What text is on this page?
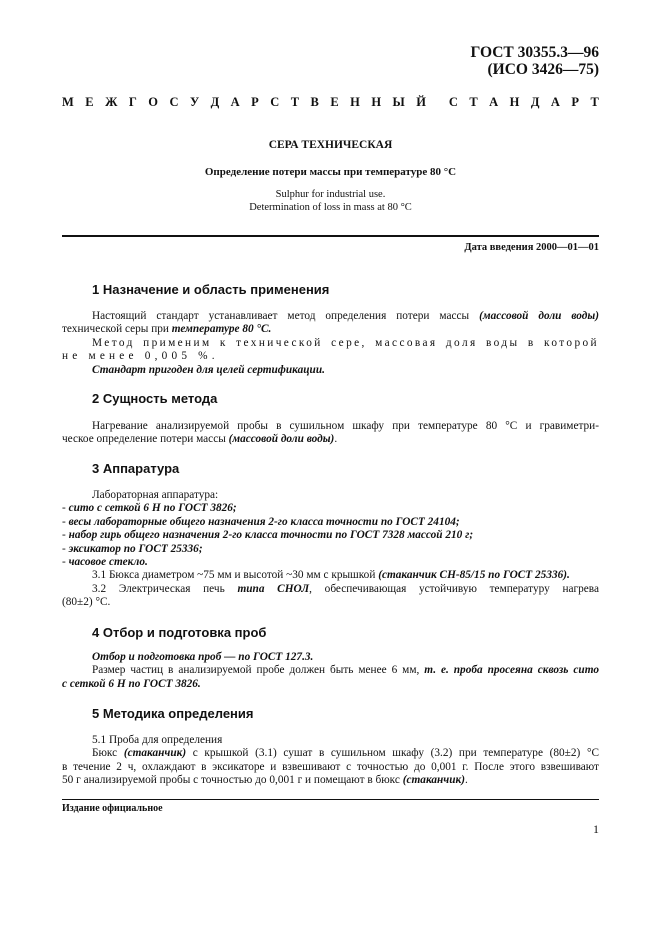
ГОСТ 30355.3—96
(ИСО 3426—75)
М Е Ж Г О С У Д А Р С Т В Е Н Н Ы Й С Т А Н Д А Р Т
СЕРА ТЕХНИЧЕСКАЯ
Определение потери массы при температуре 80 °С
Sulphur for industrial use.
Determination of loss in mass at 80 °C
Дата введения 2000—01—01
1 Назначение и область применения
Настоящий стандарт устанавливает метод определения потери массы (массовой доли воды)
технической серы при температуре 80 °С.
Метод применим к технической сере, массовая доля воды в которой
не менее 0,005 %.
Стандарт пригоден для целей сертификации.
2 Сущность метода
Нагревание анализируемой пробы в сушильном шкафу при температуре 80 °С и гравиметри-
ческое определение потери массы (массовой доли воды).
3 Аппаратура
Лабораторная аппаратура:
- сито с сеткой 6 Н по ГОСТ 3826;
- весы лабораторные общего назначения 2-го класса точности по ГОСТ 24104;
- набор гирь общего назначения 2-го класса точности по ГОСТ 7328 массой 210 г;
- эксикатор по ГОСТ 25336;
- часовое стекло.
3.1 Бюкса диаметром ~75 мм и высотой ~30 мм с крышкой (стаканчик СН-85/15 по ГОСТ 25336).
3.2 Электрическая печь типа СНОЛ, обеспечивающая устойчивую температуру нагрева
(80±2) °С.
4 Отбор и подготовка проб
Отбор и подготовка проб — по ГОСТ 127.3.
Размер частиц в анализируемой пробе должен быть менее 6 мм, т. е. проба просеяна сквозь сито
с сеткой 6 Н по ГОСТ 3826.
5 Методика определения
5.1 Проба для определения
Бюкс (стаканчик) с крышкой (3.1) сушат в сушильном шкафу (3.2) при температуре (80±2) °С
в течение 2 ч, охлаждают в эксикаторе и взвешивают с точностью до 0,001 г. После этого взвешивают
50 г анализируемой пробы с точностью до 0,001 г и помещают в бюкс (стаканчик).
Издание официальное
1
